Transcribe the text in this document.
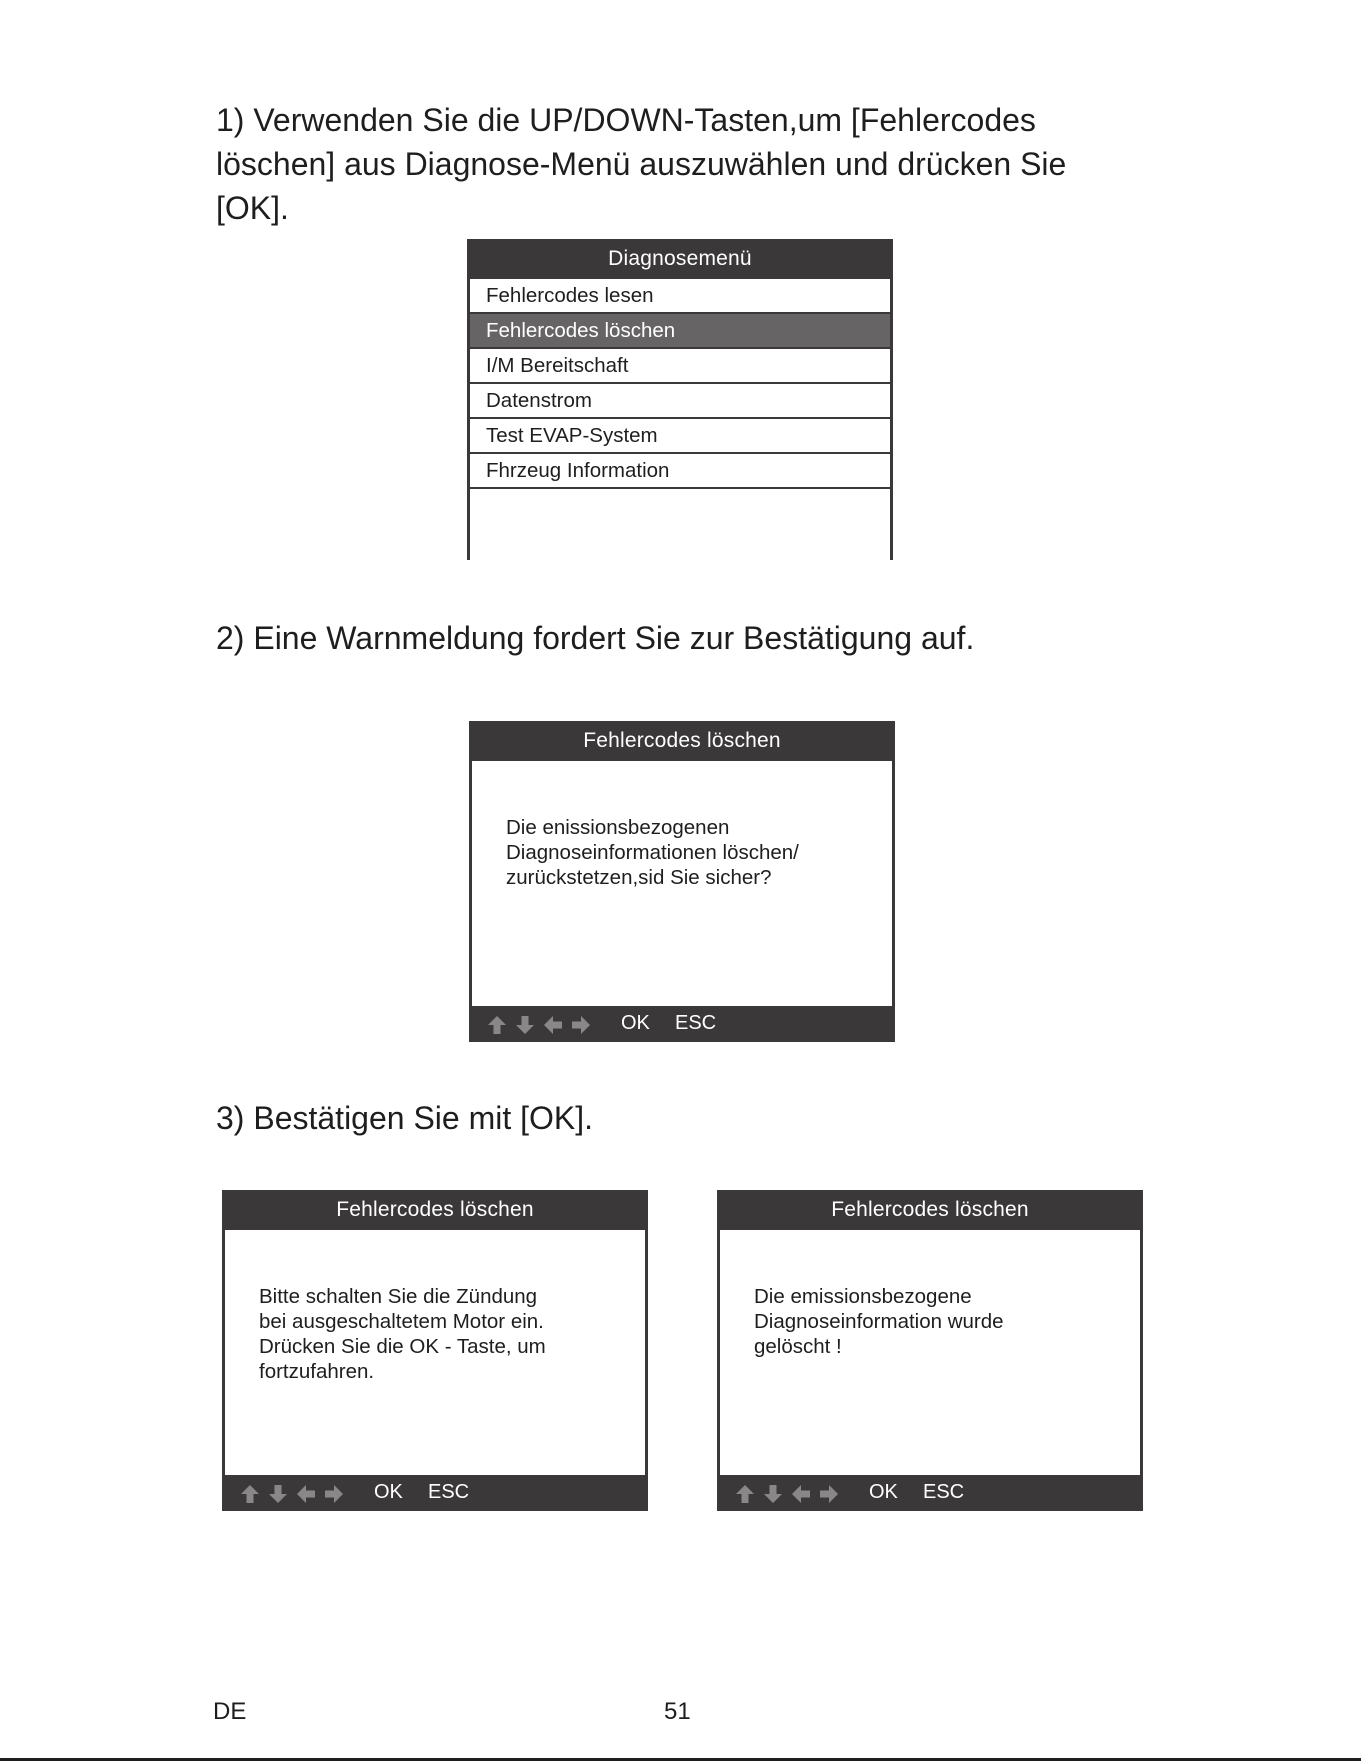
1) Verwenden Sie die UP/DOWN-Tasten,um [Fehlercodes löschen] aus Diagnose-Menü auszuwählen und drücken Sie [OK].
Diagnosemenü
Fehlercodes lesen
Fehlercodes löschen
I/M Bereitschaft
Datenstrom
Test EVAP-System
Fhrzeug Information
2/6
2) Eine Warnmeldung fordert Sie zur Bestätigung auf.
Fehlercodes löschen

Die enissionsbezogenen
Diagnoseinformationen löschen/
zurückstetzen,sid Sie sicher?

OK ESC
3) Bestätigen Sie mit [OK].
Fehlercodes löschen

Bitte schalten Sie die Zündung
bei ausgeschaltetem Motor ein.
Drücken Sie die OK - Taste, um
fortzufahren.

OK ESC
Fehlercodes löschen

Die emissionsbezogene
Diagnoseinformation wurde
gelöscht !

OK ESC
DE	51
